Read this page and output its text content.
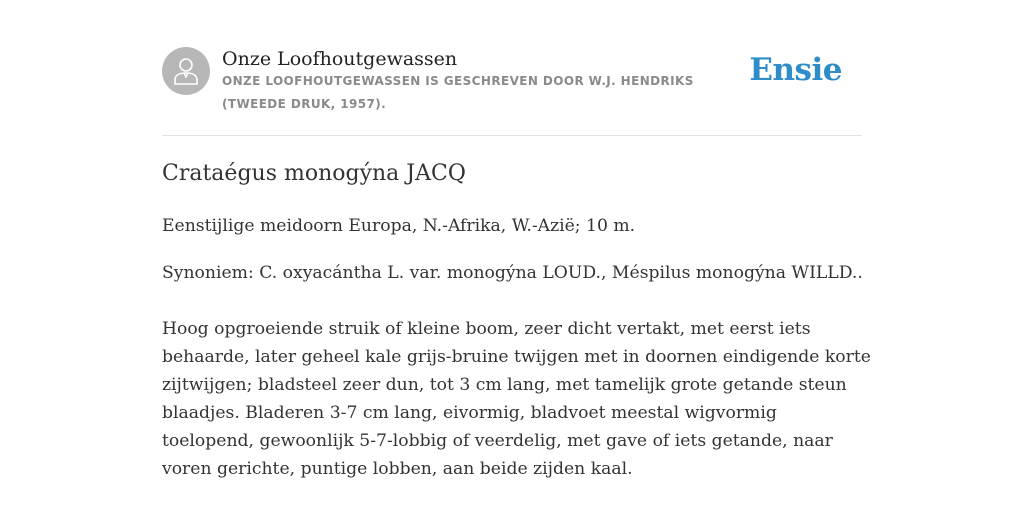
Onze Loofhoutgewassen
ONZE LOOFHOUTGEWASSEN IS GESCHREVEN DOOR W.J. HENDRIKS (TWEEDE DRUK, 1957).
Ensie
Crataégus monogýna JACQ

Eenstijlige meidoorn Europa, N.-Afrika, W.-Azië; 10 m.

Synoniem: C. oxyacántha L. var. monogýna LOUD., Méspilus monogýna WILLD..

Hoog opgroeiende struik of kleine boom, zeer dicht vertakt, met eerst iets behaarde, later geheel kale grijs-bruine twijgen met in doornen eindigende korte zijtwijgen; bladsteel zeer dun, tot 3 cm lang, met tamelijk grote getande steun blaadjes. Bladeren 3-7 cm lang, eivormig, bladvoet meestal wigvormig toelopend, gewoonlijk 5-7-lobbig of veerdelig, met gave of iets getande, naar voren gerichte, puntige lobben, aan beide zijden kaal.
